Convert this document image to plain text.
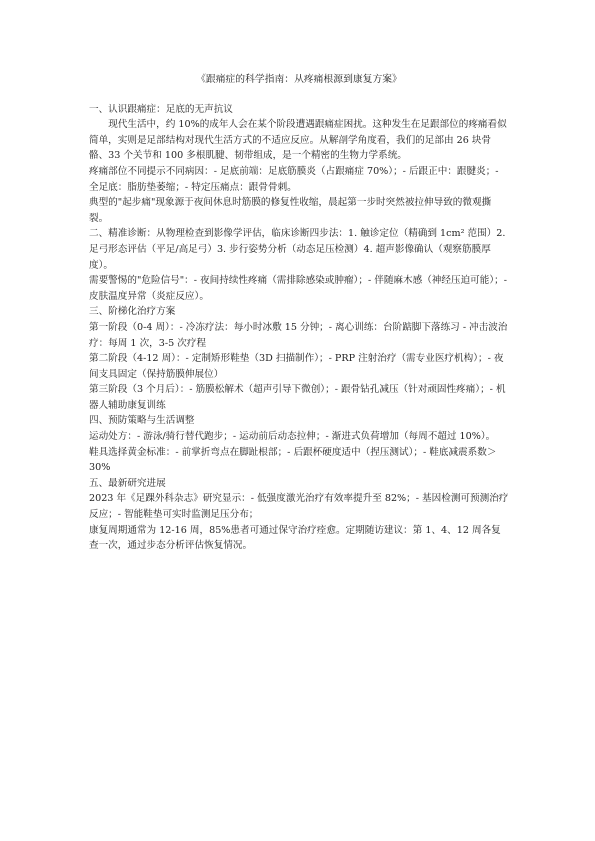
《跟痛症的科学指南：从疼痛根源到康复方案》

一、认识跟痛症：足底的无声抗议

现代生活中，约 10%的成年人会在某个阶段遭遇跟痛症困扰。这种发生在足跟部位的疼痛看似简单，实则是足部结构对现代生活方式的不适应反应。从解剖学角度看，我们的足部由 26 块骨骼、33 个关节和 100 多根肌腱、韧带组成，是一个精密的生物力学系统。

疼痛部位不同提示不同病因：- 足底前端：足底筋膜炎（占跟痛症 70%）；- 后跟正中：跟腱炎；- 全足底：脂肪垫萎缩；- 特定压痛点：跟骨骨刺。

典型的"起步痛"现象源于夜间休息时筋膜的修复性收缩，晨起第一步时突然被拉伸导致的微观撕裂。

二、精准诊断：从物理检查到影像学评估，临床诊断四步法：1. 触诊定位（精确到 1cm² 范围）2. 足弓形态评估（平足/高足弓）3. 步行姿势分析（动态足压检测）4. 超声影像确认（观察筋膜厚度）。

需要警惕的"危险信号"：- 夜间持续性疼痛（需排除感染或肿瘤）；- 伴随麻木感（神经压迫可能）；- 皮肤温度异常（炎症反应）。

三、阶梯化治疗方案

第一阶段（0-4 周）：- 冷冻疗法：每小时冰敷 15 分钟；- 离心训练：台阶踮脚下落练习 - 冲击波治疗：每周 1 次，3-5 次疗程

第二阶段（4-12 周）：- 定制矫形鞋垫（3D 扫描制作）；- PRP 注射治疗（需专业医疗机构）；- 夜间支具固定（保持筋膜伸展位）

第三阶段（3 个月后）：- 筋膜松解术（超声引导下微创）；- 跟骨钻孔减压（针对顽固性疼痛）；- 机器人辅助康复训练

四、预防策略与生活调整

运动处方：- 游泳/骑行替代跑步；- 运动前后动态拉伸；- 渐进式负荷增加（每周不超过 10%）。

鞋具选择黄金标准：- 前掌折弯点在脚趾根部；- 后跟杯硬度适中（捏压测试）；- 鞋底减震系数＞30%

五、最新研究进展

2023 年《足踝外科杂志》研究显示：- 低强度激光治疗有效率提升至 82%；- 基因检测可预测治疗反应；- 智能鞋垫可实时监测足压分布；

康复周期通常为 12-16 周，85%患者可通过保守治疗痊愈。定期随访建议：第 1、4、12 周各复查一次，通过步态分析评估恢复情况。
